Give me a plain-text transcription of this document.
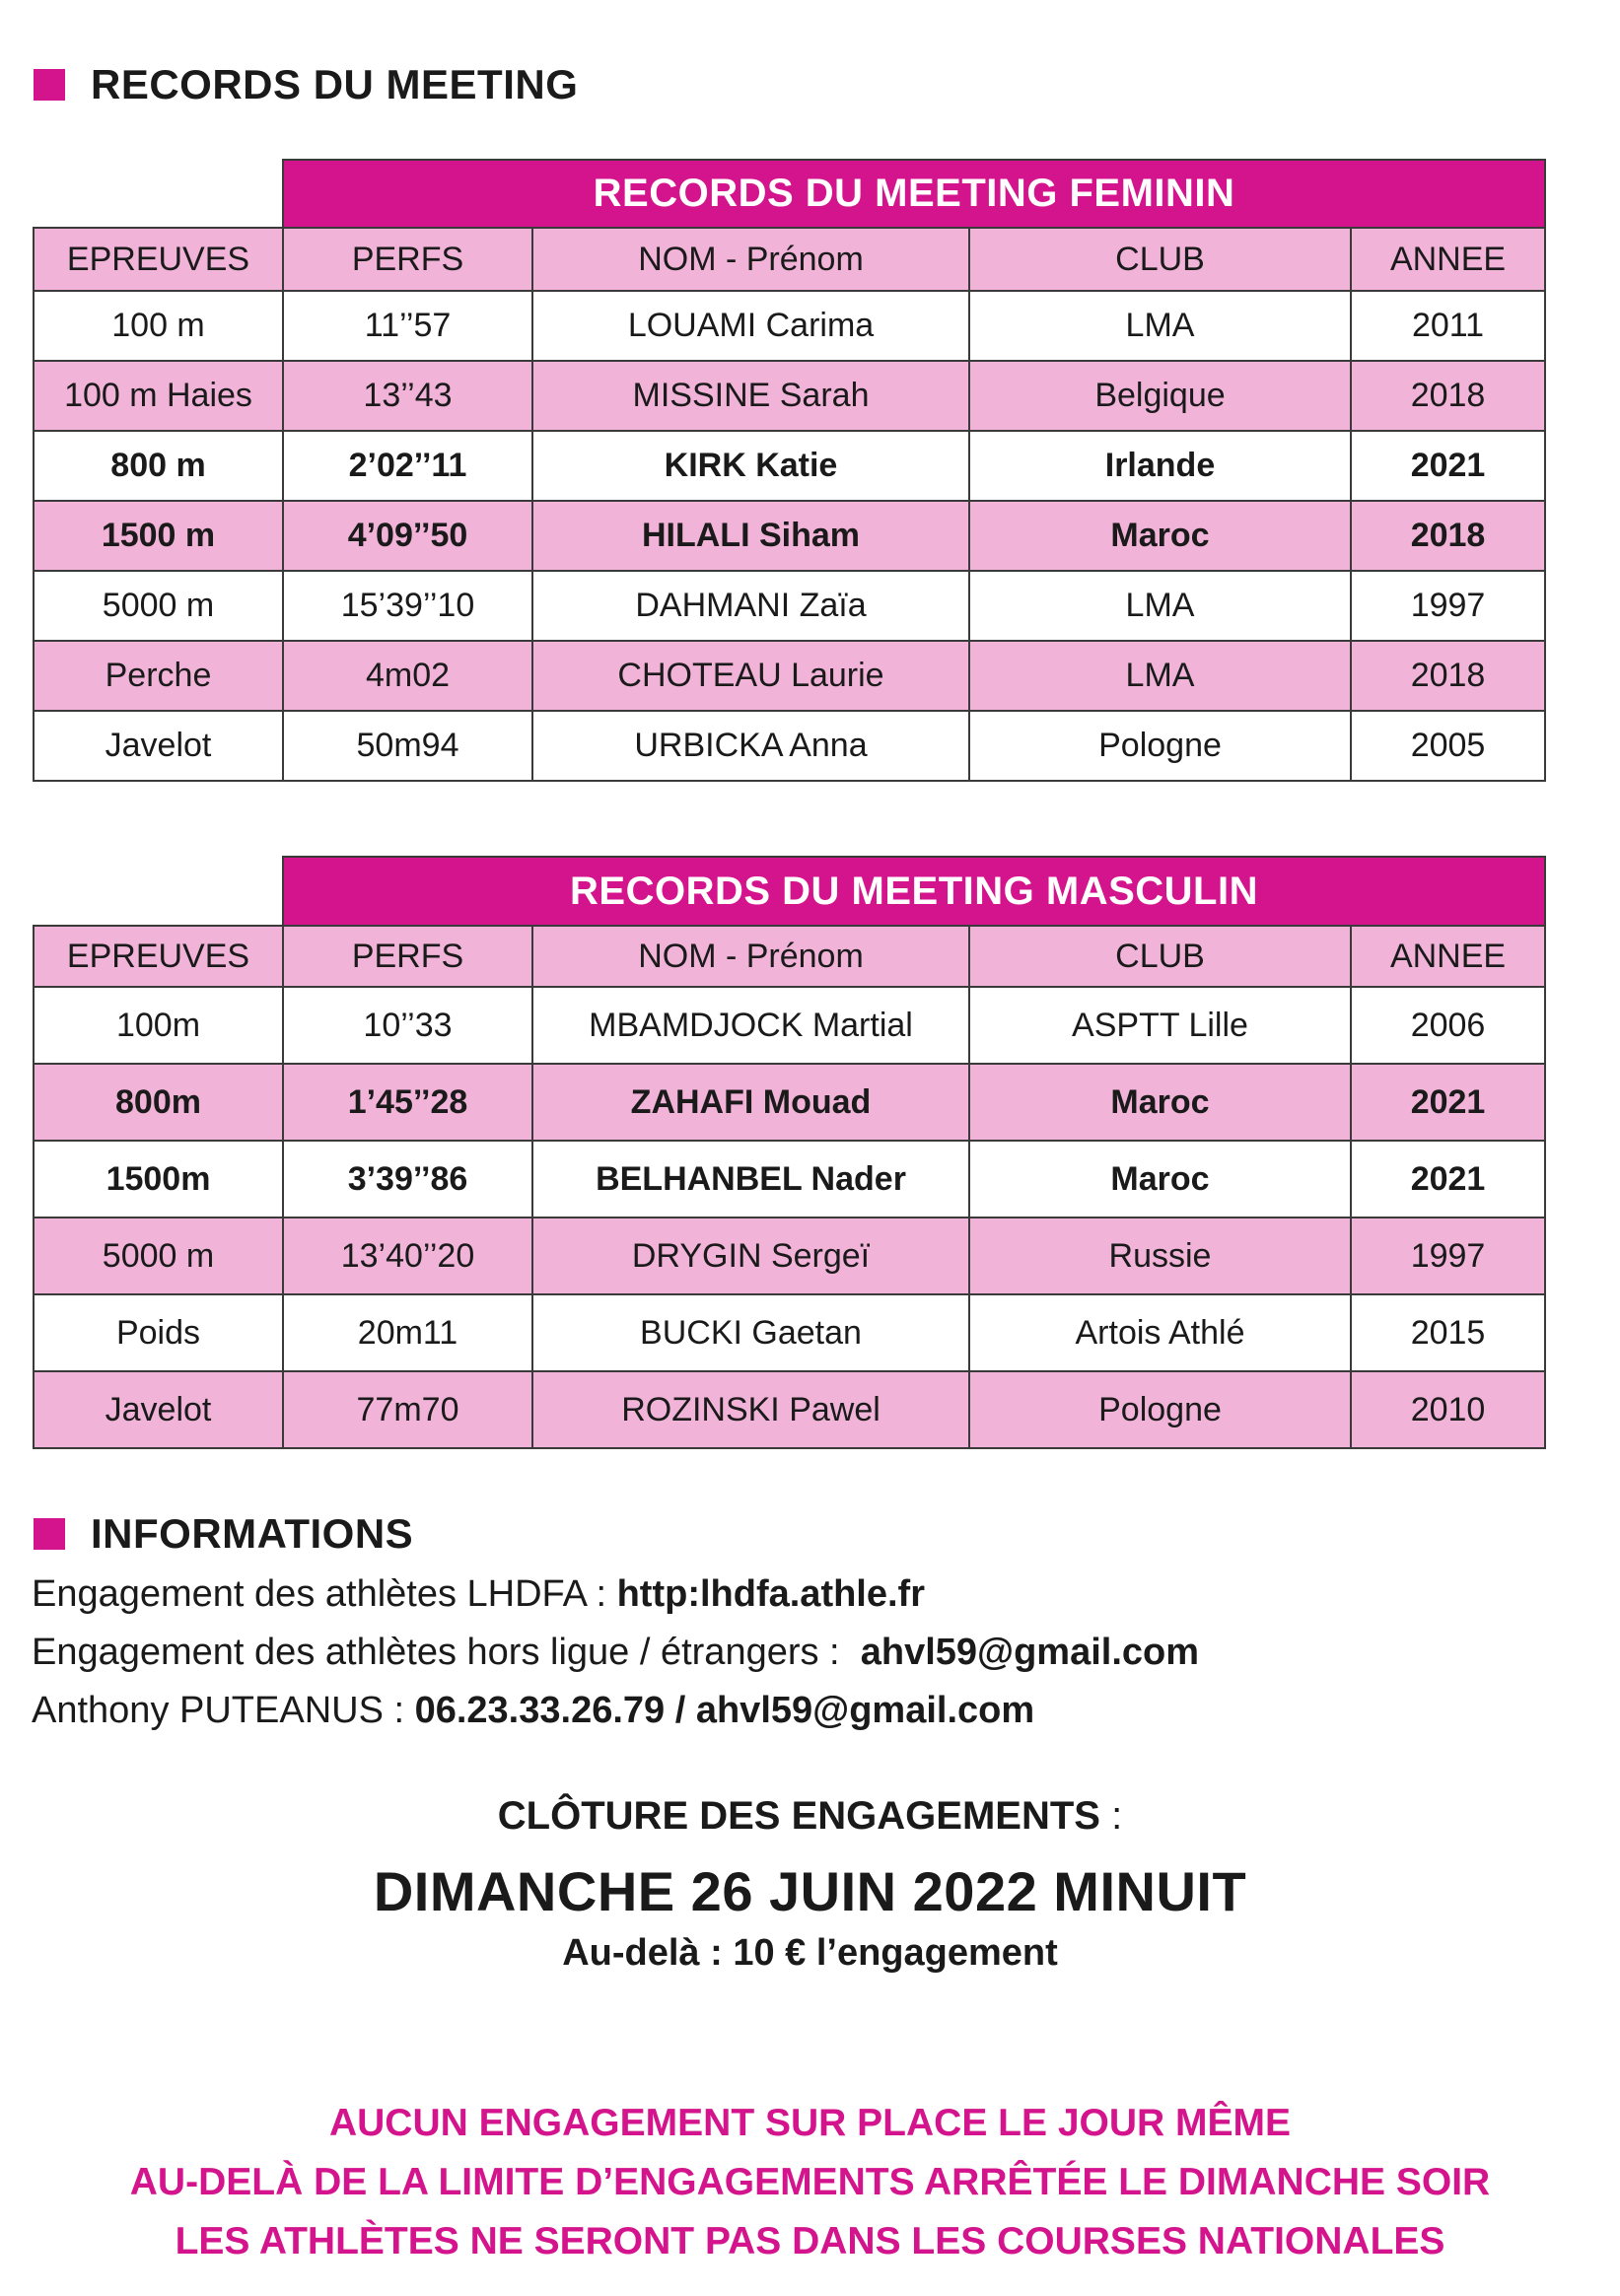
RECORDS DU MEETING
	RECORDS DU MEETING FEMININ			
EPREUVES	PERFS	NOM - Prénom	CLUB	ANNEE
100 m	11’’57	LOUAMI Carima	LMA	2011
100 m Haies	13’’43	MISSINE Sarah	Belgique	2018
800 m	2’02’’11	KIRK Katie	Irlande	2021
1500 m	4’09’’50	HILALI Siham	Maroc	2018
5000 m	15’39’’10	DAHMANI Zaïa	LMA	1997
Perche	4m02	CHOTEAU Laurie	LMA	2018
Javelot	50m94	URBICKA Anna	Pologne	2005
	RECORDS DU MEETING MASCULIN			
EPREUVES	PERFS	NOM - Prénom	CLUB	ANNEE
100m	10’’33	MBAMDJOCK Martial	ASPTT Lille	2006
800m	1’45’’28	ZAHAFI Mouad	Maroc	2021
1500m	3’39’’86	BELHANBEL Nader	Maroc	2021
5000 m	13’40’’20	DRYGIN Sergeï	Russie	1997
Poids	20m11	BUCKI Gaetan	Artois Athlé	2015
Javelot	77m70	ROZINSKI Pawel	Pologne	2010
INFORMATIONS

Engagement des athlètes LHDFA : http:lhdfa.athle.fr

Engagement des athlètes hors ligue / étrangers :  ahvl59@gmail.com

Anthony PUTEANUS : 06.23.33.26.79 / ahvl59@gmail.com

CLÔTURE DES ENGAGEMENTS :
DIMANCHE 26 JUIN 2022 MINUIT
Au-delà : 10 € l’engagement

AUCUN ENGAGEMENT SUR PLACE LE JOUR MÊME

AU-DELÀ DE LA LIMITE D’ENGAGEMENTS ARRÊTÉE LE DIMANCHE SOIR

LES ATHLÈTES NE SERONT PAS DANS LES COURSES NATIONALES
